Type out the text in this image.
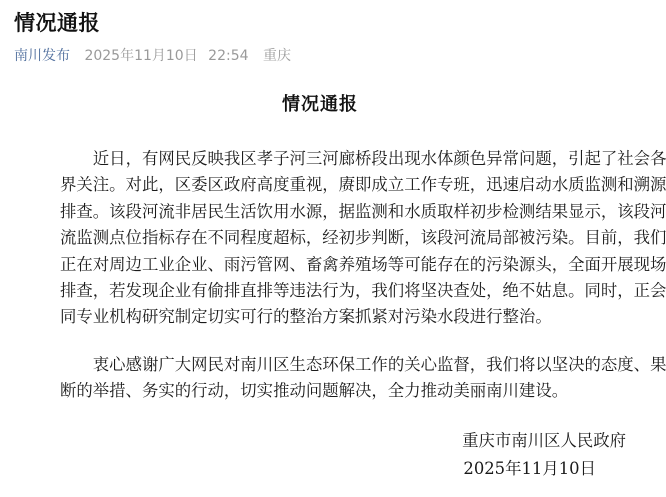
情况通报
南川发布 2025年11月10日 22:54 重庆
情况通报
近日，有网民反映我区孝子河三河廊桥段出现水体颜色异常问题，引起了社会各
界关注。对此，区委区政府高度重视，赓即成立工作专班，迅速启动水质监测和溯源
排查。该段河流非居民生活饮用水源，据监测和水质取样初步检测结果显示，该段河
流监测点位指标存在不同程度超标，经初步判断，该段河流局部被污染。目前，我们
正在对周边工业企业、雨污管网、畜禽养殖场等可能存在的污染源头，全面开展现场
排查，若发现企业有偷排直排等违法行为，我们将坚决查处，绝不姑息。同时，正会
同专业机构研究制定切实可行的整治方案抓紧对污染水段进行整治。
衷心感谢广大网民对南川区生态环保工作的关心监督，我们将以坚决的态度、果
断的举措、务实的行动，切实推动问题解决，全力推动美丽南川建设。
重庆市南川区人民政府
2025年11月10日
